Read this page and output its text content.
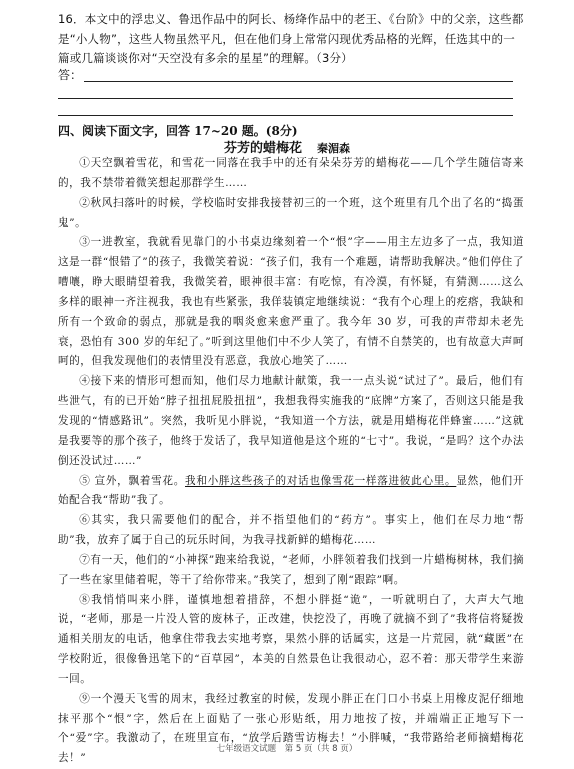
16．本文中的浮忠义、鲁迅作品中的阿长、杨绛作品中的老王、《台阶》中的父亲，这些都是“小人物”，这些人物虽然平凡，但在他们身上常常闪现优秀品格的光辉，任选其中的一篇或几篇谈谈你对“天空没有多余的星星”的理解。（3分）
答：
四、阅读下面文字，回答 17~20 题。(8分)
芬芳的蜡梅花 秦湄森

①天空飘着雪花，和雪花一同落在我手中的还有朵朵芬芳的蜡梅花——几个学生随信寄来的，我不禁带着微笑想起那群学生……

②秋风扫落叶的时候，学校临时安排我接替初三的一个班，这个班里有几个出了名的“捣蛋鬼”。

③一进教室，我就看见靠门的小书桌边缘刻着一个“恨”字——用主左边多了一点，我知道这是一群“恨错了”的孩子，我微笑着说：“孩子们，我有一个难题，请帮助我解决。”他们停住了嘈嚷，睁大眼睛望着我，我微笑着，眼神很丰富：有吃惊，有冷漠，有怀疑，有猜测……这么多样的眼神一齐注视我，我也有些紧张，我佯装镇定地继续说：“我有个心理上的疙瘩，我缺和所有一个致命的弱点，那就是我的咽炎愈来愈严重了。我今年 30 岁，可我的声带却未老先衰，恐怕有 300 岁的年纪了。”听到这里他们中不少人笑了，有情不自禁笑的，也有故意大声呵呵的，但我发现他们的表情里没有恶意，我放心地笑了……

④接下来的情形可想而知，他们尽力地献计献策，我一一点头说“试过了”。最后，他们有些泄气，有的已开始“脖子扭扭屁股扭扭”，我想我得实施我的“底牌”方案了，否则这只能是我发现的“情感路讯”。突然，我听见小胖说，“我知道一个方法，就是用蜡梅花伴蜂蜜……”这就是我要等的那个孩子，他终于发话了，我早知道他是这个班的“七寸”。我说，“是吗？这个办法倒还没试过……”

⑤ 宣外，飘着雪花。我和小胖这些孩子的对话也像雪花一样落进彼此心里。显然，他们开始配合我“帮助”我了。

⑥其实，我只需要他们的配合，并不指望他们的“药方”。事实上，他们在尽力地“帮助”我，放弃了属于自己的玩乐时间，为我寻找新鲜的蜡梅花……

⑦有一天，他们的“小神探”跑来给我说，“老师，小胖领着我们找到一片蜡梅树林，我们摘了一些在家里储着呢，等干了给你带来。”我笑了，想到了刚“跟踪”啊。

⑧我悄悄叫来小胖，谨慎地想着措辞，不想小胖挺“诡”，一听就明白了，大声大气地说，“老师，那是一片没人管的废林子，正改建，快挖没了，再晚了就摘不到了”我将信将疑拨通相关朋友的电话，他拿住带我去实地考察，果然小胖的话属实，这是一片荒园，就“藏匿”在学校附近，很像鲁迅笔下的“百草园”，本美的自然景色让我很动心，忍不着：那天带学生来游一回。

⑨一个漫天飞雪的周末，我经过教室的时候，发现小胖正在门口小书桌上用橡皮泥仔细地抹平那个“恨”字，然后在上面贴了一张心形贴纸，用力地按了按，并端端正正地写下一个“爱”字。我激动了，在班里宣布，“放学后踏雪访梅去！”小胖喊，“我带路给老师摘蜡梅花去！”

七年级语文试题　第 5 页（共 8 页）
